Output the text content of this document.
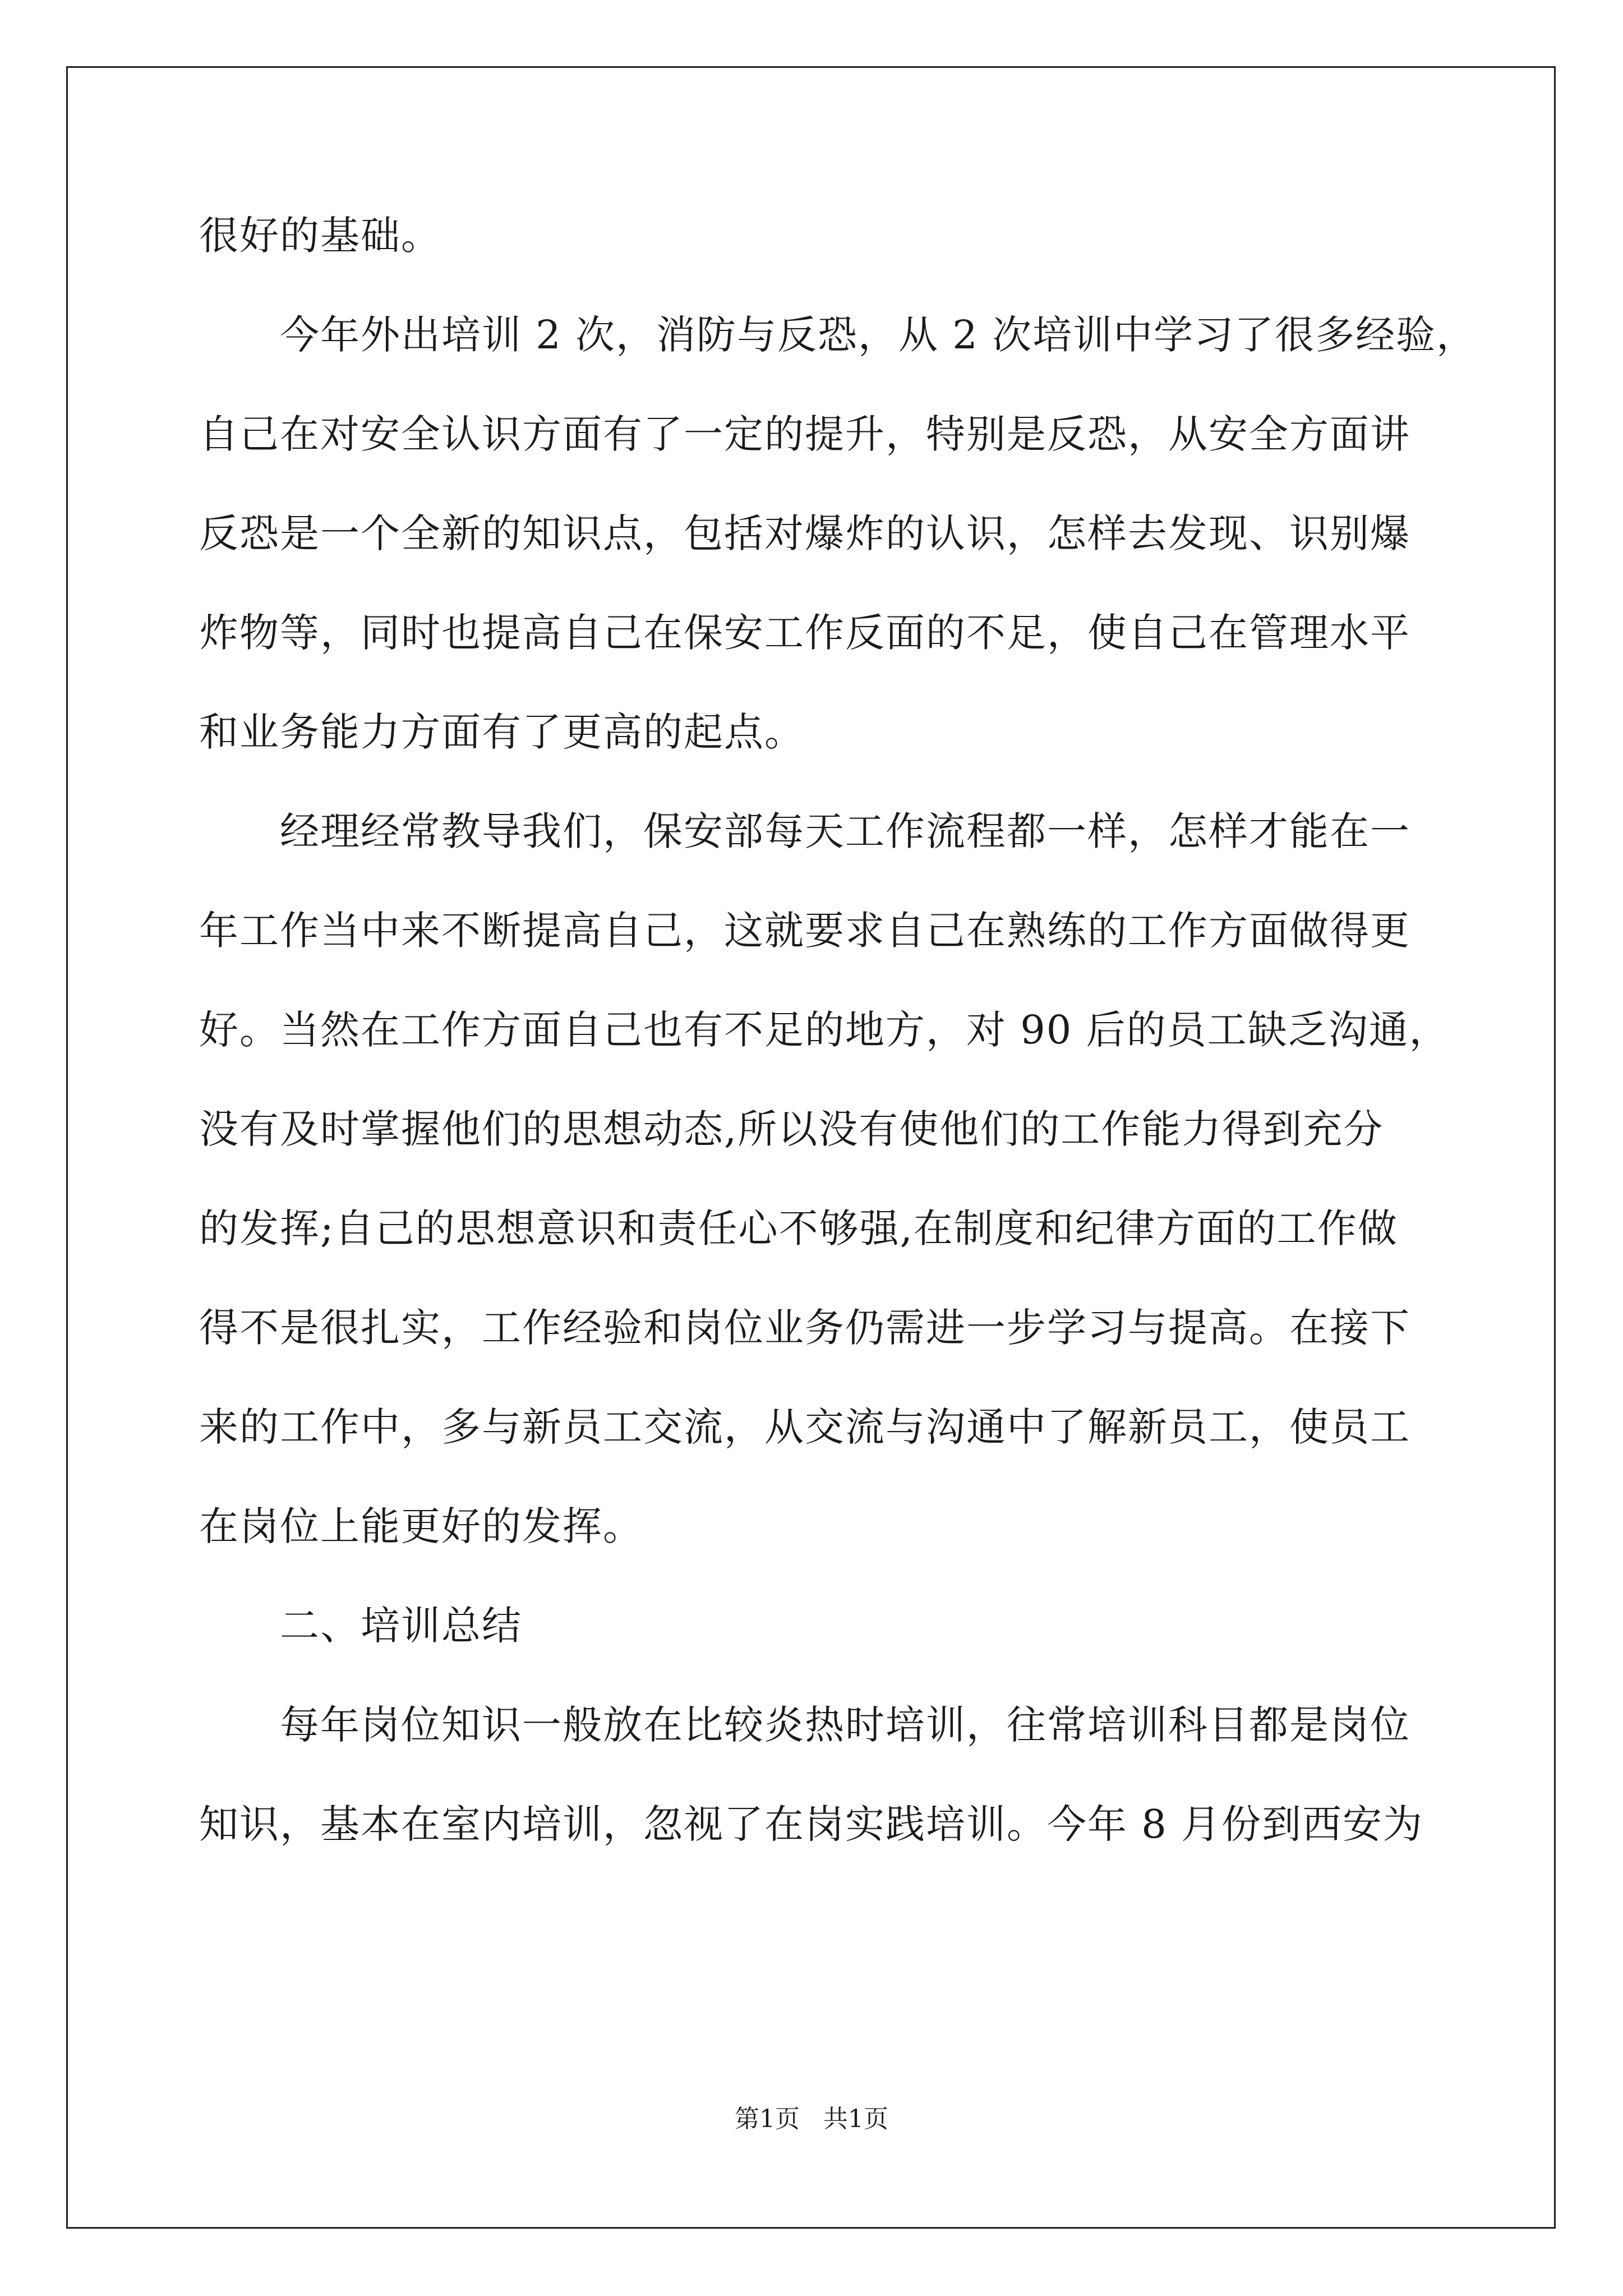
很好的基础。
　　今年外出培训 2 次，消防与反恐，从 2 次培训中学习了很多经验，
自己在对安全认识方面有了一定的提升，特别是反恐，从安全方面讲
反恐是一个全新的知识点，包括对爆炸的认识，怎样去发现、识别爆
炸物等，同时也提高自己在保安工作反面的不足，使自己在管理水平
和业务能力方面有了更高的起点。
　　经理经常教导我们，保安部每天工作流程都一样，怎样才能在一
年工作当中来不断提高自己，这就要求自己在熟练的工作方面做得更
好。当然在工作方面自己也有不足的地方，对 90 后的员工缺乏沟通，
没有及时掌握他们的思想动态,所以没有使他们的工作能力得到充分
的发挥;自己的思想意识和责任心不够强,在制度和纪律方面的工作做
得不是很扎实，工作经验和岗位业务仍需进一步学习与提高。在接下
来的工作中，多与新员工交流，从交流与沟通中了解新员工，使员工
在岗位上能更好的发挥。
　　二、培训总结
　　每年岗位知识一般放在比较炎热时培训，往常培训科目都是岗位
知识，基本在室内培训，忽视了在岗实践培训。今年 8 月份到西安为
第1页   共1页
